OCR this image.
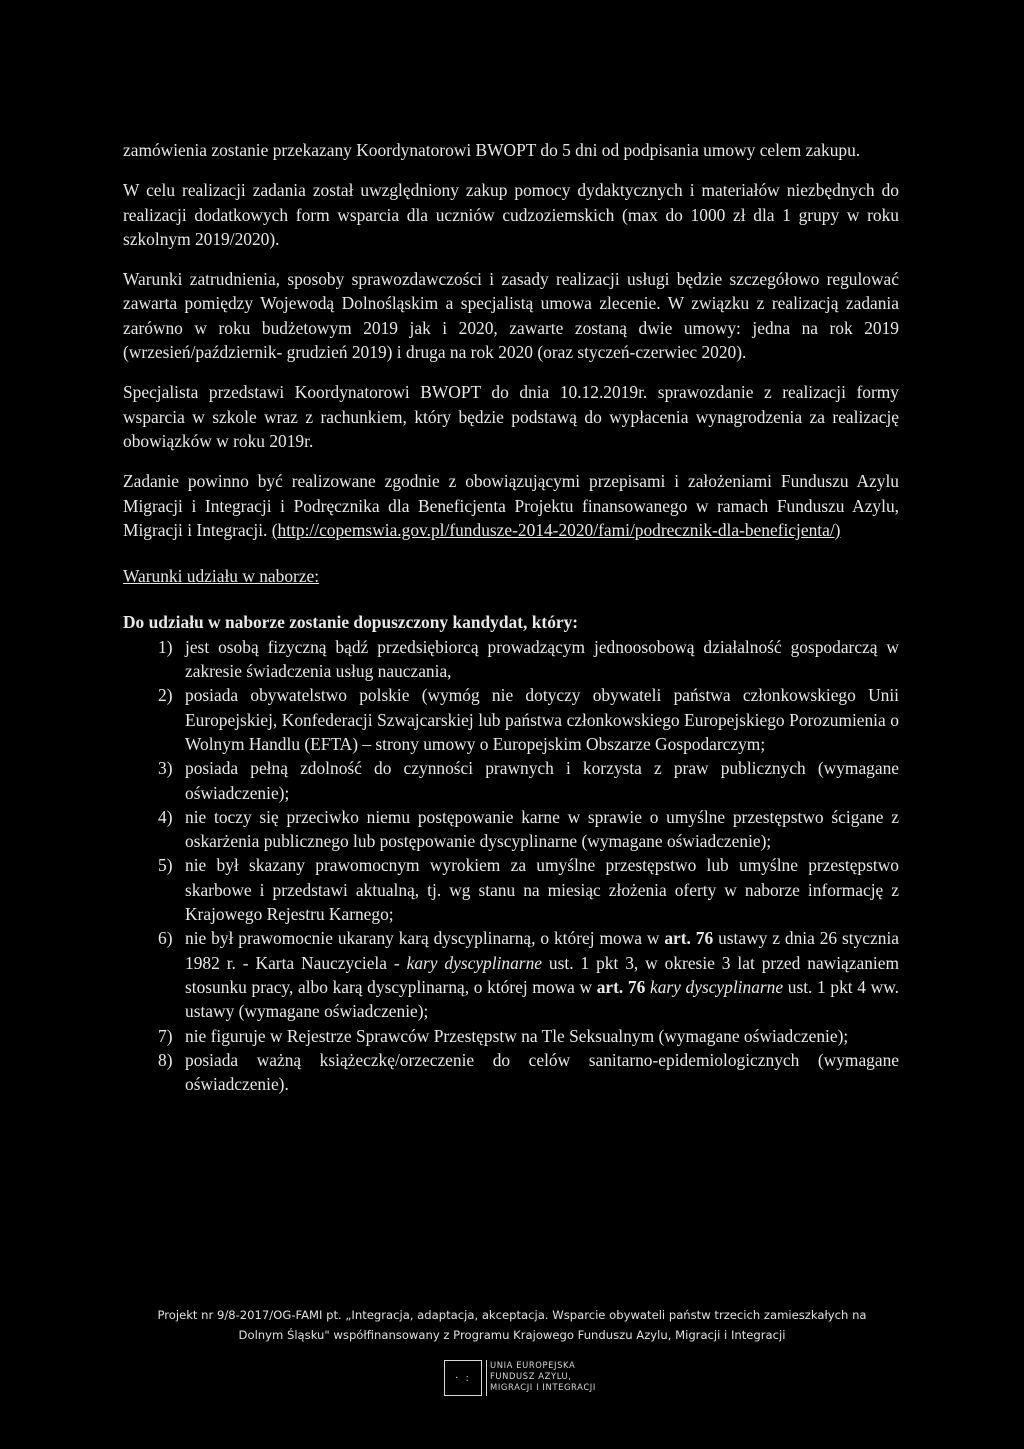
zamówienia zostanie przekazany Koordynatorowi BWOPT do 5 dni od podpisania umowy celem zakupu.

W celu realizacji zadania został uwzględniony zakup pomocy dydaktycznych i materiałów niezbędnych do realizacji dodatkowych form wsparcia dla uczniów cudzoziemskich (max do 1000 zł dla 1 grupy w roku szkolnym 2019/2020).

Warunki zatrudnienia, sposoby sprawozdawczości i zasady realizacji usługi będzie szczegółowo regulować zawarta pomiędzy Wojewodą Dolnośląskim a specjalistą umowa zlecenie. W związku z realizacją zadania zarówno w roku budżetowym 2019 jak i 2020, zawarte zostaną dwie umowy: jedna na rok 2019 (wrzesień/październik- grudzień 2019) i druga na rok 2020 (oraz styczeń-czerwiec 2020).

Specjalista przedstawi Koordynatorowi BWOPT do dnia 10.12.2019r. sprawozdanie z realizacji formy wsparcia w szkole wraz z rachunkiem, który będzie podstawą do wypłacenia wynagrodzenia za realizację obowiązków w roku 2019r.

Zadanie powinno być realizowane zgodnie z obowiązującymi przepisami i założeniami Funduszu Azylu Migracji i Integracji i Podręcznika dla Beneficjenta Projektu finansowanego w ramach Funduszu Azylu, Migracji i Integracji. (http://copemswia.gov.pl/fundusze-2014-2020/fami/podrecznik-dla-beneficjenta/)

Warunki udziału w naborze:

Do udziału w naborze zostanie dopuszczony kandydat, który:
1) jest osobą fizyczną bądź przedsiębiorcą prowadzącym jednoosobową działalność gospodarczą w zakresie świadczenia usług nauczania,
2) posiada obywatelstwo polskie (wymóg nie dotyczy obywateli państwa członkowskiego Unii Europejskiej, Konfederacji Szwajcarskiej lub państwa członkowskiego Europejskiego Porozumienia o Wolnym Handlu (EFTA) – strony umowy o Europejskim Obszarze Gospodarczym;
3) posiada pełną zdolność do czynności prawnych i korzysta z praw publicznych (wymagane oświadczenie);
4) nie toczy się przeciwko niemu postępowanie karne w sprawie o umyślne przestępstwo ścigane z oskarżenia publicznego lub postępowanie dyscyplinarne (wymagane oświadczenie);
5) nie był skazany prawomocnym wyrokiem za umyślne przestępstwo lub umyślne przestępstwo skarbowe i przedstawi aktualną, tj. wg stanu na miesiąc złożenia oferty w naborze informację z Krajowego Rejestru Karnego;
6) nie był prawomocnie ukarany karą dyscyplinarną, o której mowa w art. 76 ustawy z dnia 26 stycznia 1982 r. - Karta Nauczyciela - kary dyscyplinarne ust. 1 pkt 3, w okresie 3 lat przed nawiązaniem stosunku pracy, albo karą dyscyplinarną, o której mowa w art. 76 kary dyscyplinarne ust. 1 pkt 4 ww. ustawy (wymagane oświadczenie);
7) nie figuruje w Rejestrze Sprawców Przestępstw na Tle Seksualnym (wymagane oświadczenie);
8) posiada ważną książeczkę/orzeczenie do celów sanitarno-epidemiologicznych (wymagane oświadczenie).
Projekt nr 9/8-2017/OG-FAMI pt. „Integracja, adaptacja, akceptacja. Wsparcie obywateli państw trzecich zamieszkałych na
Dolnym Śląsku" współfinansowany z Programu Krajowego Funduszu Azylu, Migracji i Integracji
· :
UNIA EUROPEJSKA
FUNDUSZ AZYLU,
MIGRACJI I INTEGRACJI
